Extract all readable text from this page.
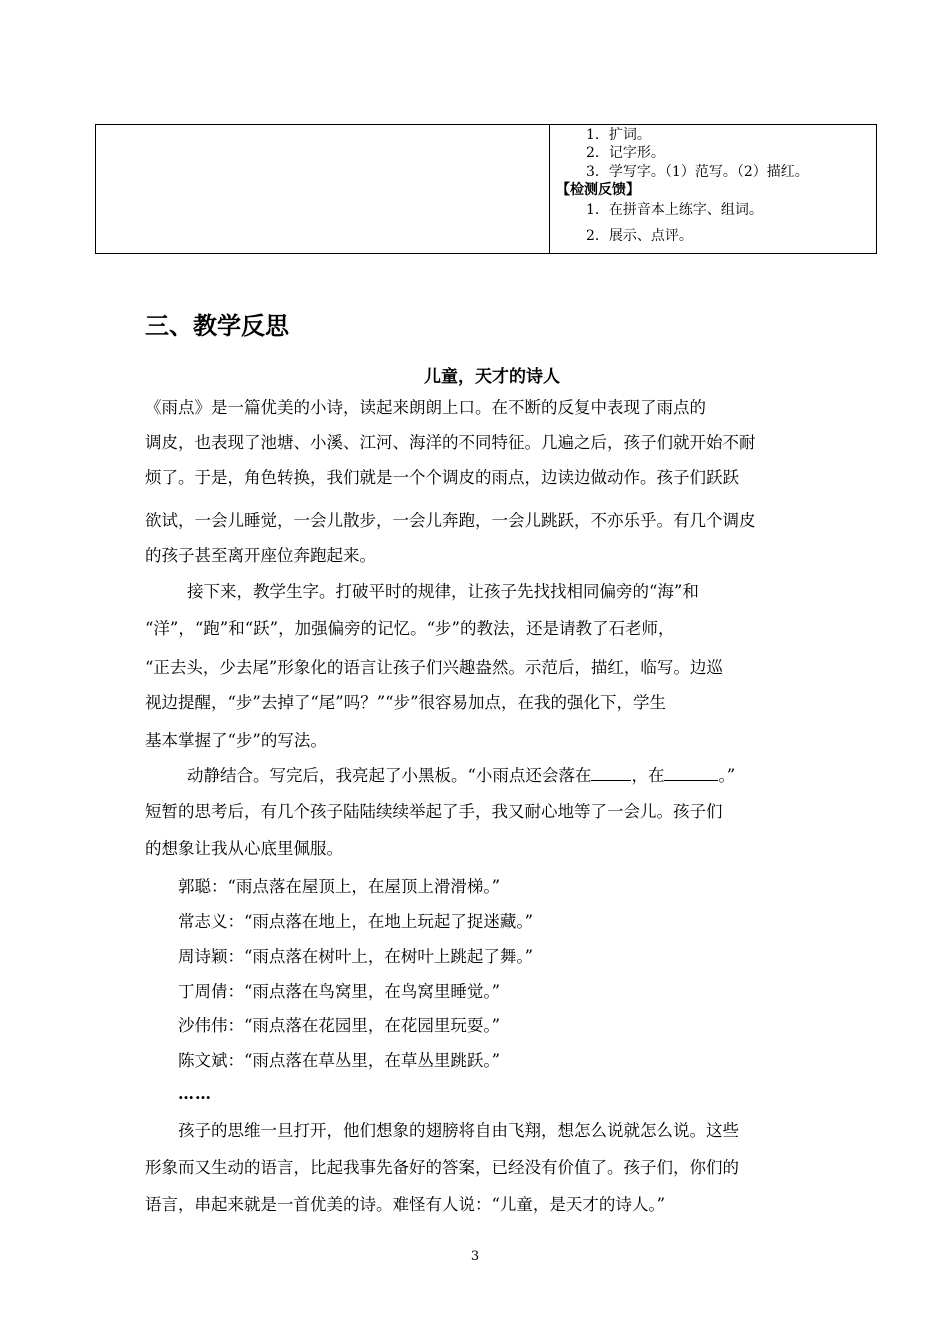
1．扩词。
2．记字形。
3．学写字。（1）范写。（2）描红。
【检测反馈】
1．在拼音本上练字、组词。
2．展示、点评。
三、教学反思
儿童，天才的诗人
《雨点》是一篇优美的小诗，读起来朗朗上口。在不断的反复中表现了雨点的
调皮，也表现了池塘、小溪、江河、海洋的不同特征。几遍之后，孩子们就开始不耐
烦了。于是，角色转换，我们就是一个个调皮的雨点，边读边做动作。孩子们跃跃
欲试，一会儿睡觉，一会儿散步，一会儿奔跑，一会儿跳跃，不亦乐乎。有几个调皮
的孩子甚至离开座位奔跑起来。
接下来，教学生字。打破平时的规律，让孩子先找找相同偏旁的“海”和
“洋”，“跑”和“跃”，加强偏旁的记忆。“步”的教法，还是请教了石老师，
“正去头，少去尾”形象化的语言让孩子们兴趣盎然。示范后，描红，临写。边巡
视边提醒，“步”去掉了“尾”吗？”“步”很容易加点，在我的强化下，学生
基本掌握了“步”的写法。
动静结合。写完后，我亮起了小黑板。“小雨点还会落在 ，在	。”
短暂的思考后，有几个孩子陆陆续续举起了手，我又耐心地等了一会儿。孩子们
的想象让我从心底里佩服。
郭聪：“雨点落在屋顶上，在屋顶上滑滑梯。”
常志义：“雨点落在地上，在地上玩起了捉迷藏。”
周诗颖：“雨点落在树叶上，在树叶上跳起了舞。”
丁周倩：“雨点落在鸟窝里，在鸟窝里睡觉。”
沙伟伟：“雨点落在花园里，在花园里玩耍。”
陈文斌：“雨点落在草丛里，在草丛里跳跃。”
……
孩子的思维一旦打开，他们想象的翅膀将自由飞翔，想怎么说就怎么说。这些
形象而又生动的语言，比起我事先备好的答案，已经没有价值了。孩子们，你们的
语言，串起来就是一首优美的诗。难怪有人说：“儿童，是天才的诗人。”
3
